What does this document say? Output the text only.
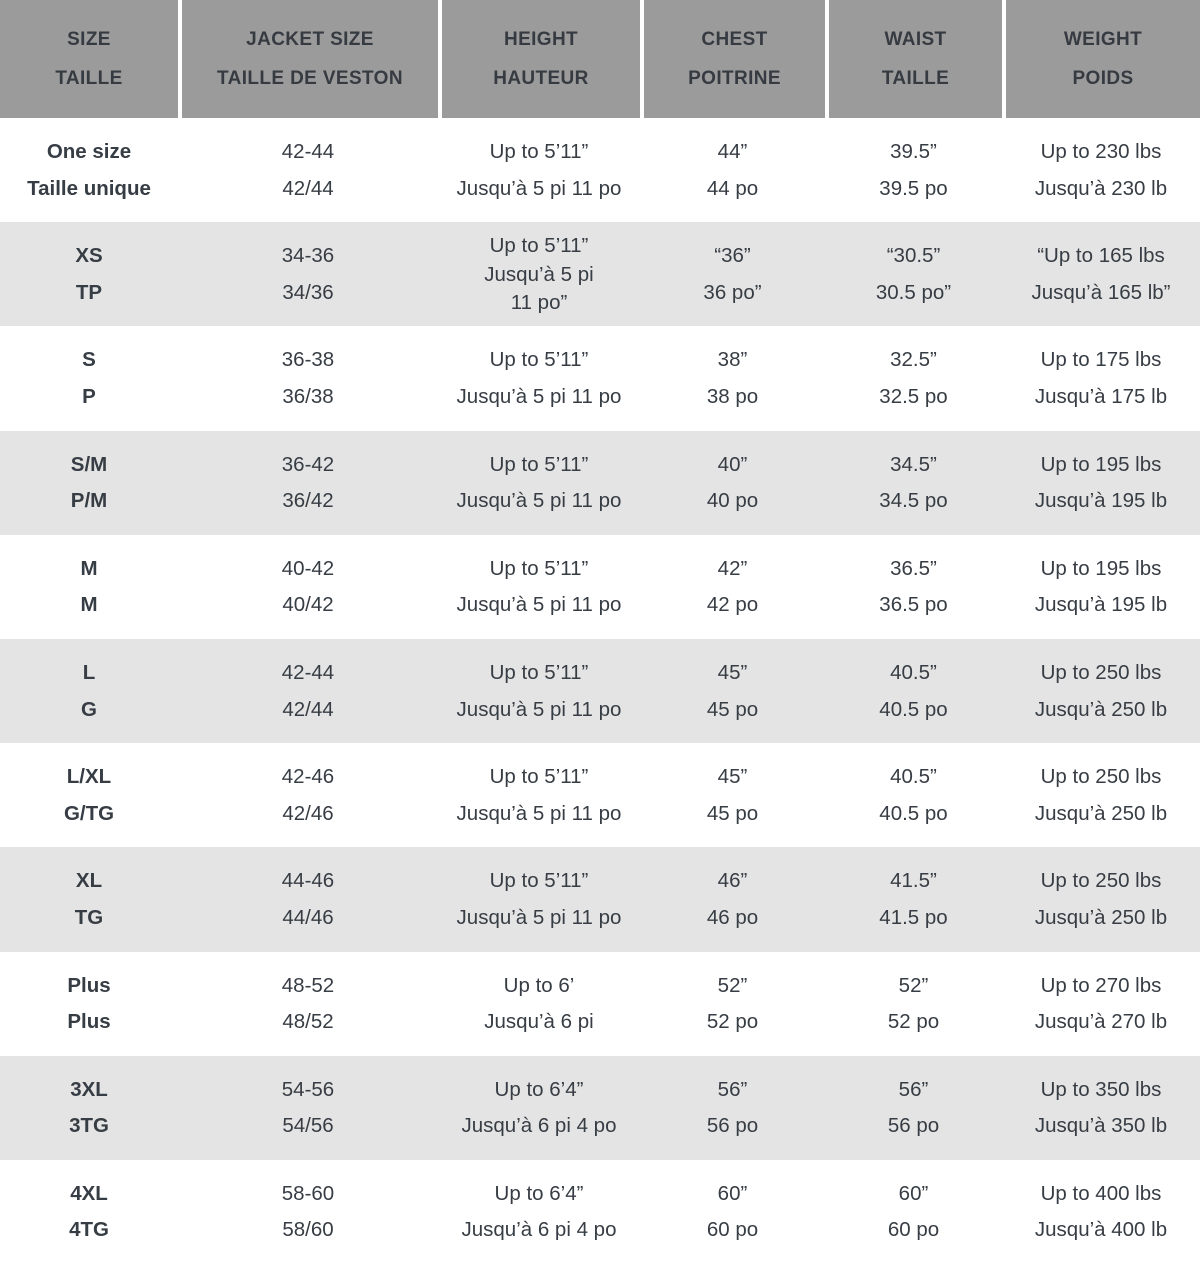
SIZE
TAILLE
JACKET SIZE
TAILLE DE VESTON
HEIGHT
HAUTEUR
CHEST
POITRINE
WAIST
TAILLE
WEIGHT
POIDS
One size
Taille unique
42-44
42/44
Up to 5’11”
Jusqu’à 5 pi 11 po
44”
44 po
39.5”
39.5 po
Up to 230 lbs
Jusqu’à 230 lb
XS
TP
34-36
34/36
Up to 5’11”
Jusqu’à 5 pi
11 po”
“36”
36 po”
“30.5”
30.5 po”
“Up to 165 lbs
Jusqu’à 165 lb”
S
P
36-38
36/38
Up to 5’11”
Jusqu’à 5 pi 11 po
38”
38 po
32.5”
32.5 po
Up to 175 lbs
Jusqu’à 175 lb
S/M
P/M
36-42
36/42
Up to 5’11”
Jusqu’à 5 pi 11 po
40”
40 po
34.5”
34.5 po
Up to 195 lbs
Jusqu’à 195 lb
M
M
40-42
40/42
Up to 5’11”
Jusqu’à 5 pi 11 po
42”
42 po
36.5”
36.5 po
Up to 195 lbs
Jusqu’à 195 lb
L
G
42-44
42/44
Up to 5’11”
Jusqu’à 5 pi 11 po
45”
45 po
40.5”
40.5 po
Up to 250 lbs
Jusqu’à 250 lb
L/XL
G/TG
42-46
42/46
Up to 5’11”
Jusqu’à 5 pi 11 po
45”
45 po
40.5”
40.5 po
Up to 250 lbs
Jusqu’à 250 lb
XL
TG
44-46
44/46
Up to 5’11”
Jusqu’à 5 pi 11 po
46”
46 po
41.5”
41.5 po
Up to 250 lbs
Jusqu’à 250 lb
Plus
Plus
48-52
48/52
Up to 6’
Jusqu’à 6 pi
52”
52 po
52”
52 po
Up to 270 lbs
Jusqu’à 270 lb
3XL
3TG
54-56
54/56
Up to 6’4”
Jusqu’à 6 pi 4 po
56”
56 po
56”
56 po
Up to 350 lbs
Jusqu’à 350 lb
4XL
4TG
58-60
58/60
Up to 6’4”
Jusqu’à 6 pi 4 po
60”
60 po
60”
60 po
Up to 400 lbs
Jusqu’à 400 lb
